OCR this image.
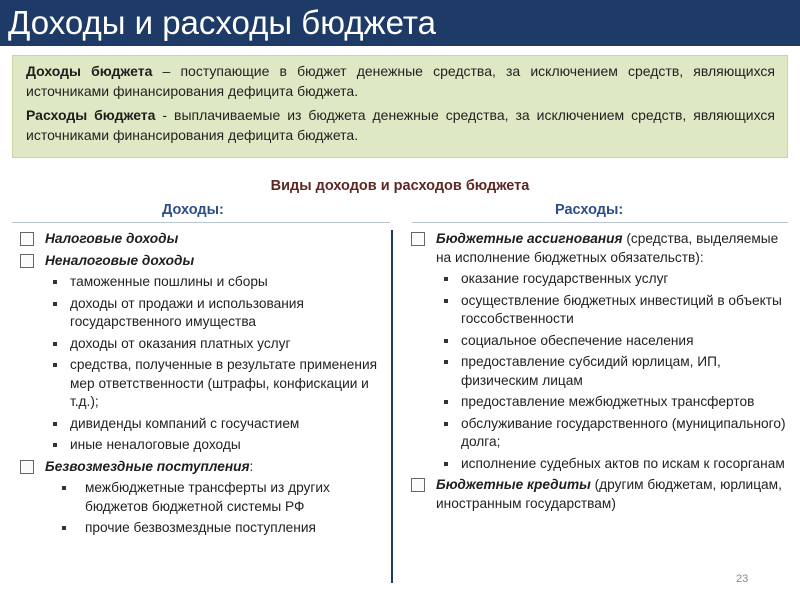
Доходы и расходы бюджета

Доходы бюджета – поступающие в бюджет денежные средства, за исключением средств, являющихся источниками финансирования дефицита бюджета.

Расходы бюджета - выплачиваемые из бюджета денежные средства, за исключением средств, являющихся источниками финансирования дефицита бюджета.

Виды доходов и расходов бюджета
Доходы:	Расходы:
Налоговые доходы
Неналоговые доходы
таможенные пошлины и сборы
доходы от продажи и использования государственного имущества
доходы от оказания платных услуг
средства, полученные в результате применения мер ответственности (штрафы, конфискации и т.д.);
дивиденды компаний с госучастием
иные неналоговые доходы
Безвозмездные поступления:
межбюджетные трансферты из других бюджетов бюджетной системы РФ
прочие безвозмездные поступления
Бюджетные ассигнования (средства, выделяемые на исполнение бюджетных обязательств):
оказание государственных услуг
осуществление бюджетных инвестиций в объекты госсобственности
социальное обеспечение населения
предоставление субсидий юрлицам, ИП, физическим лицам
предоставление межбюджетных трансфертов
обслуживание государственного (муниципального) долга;
исполнение судебных актов по искам к госорганам
Бюджетные кредиты (другим бюджетам, юрлицам, иностранным государствам)
23
